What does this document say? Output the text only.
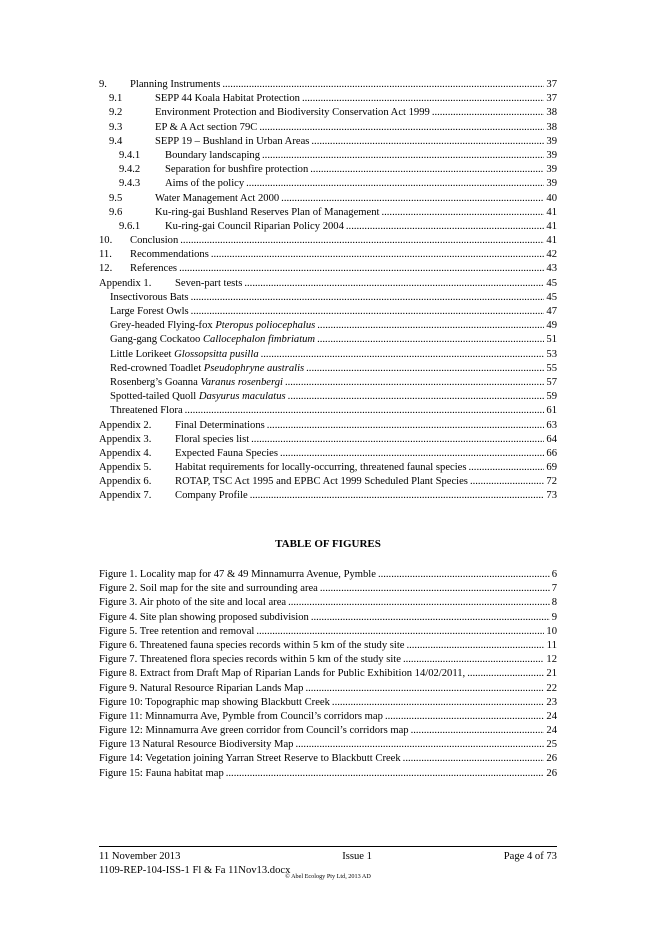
9.	Planning Instruments .....	37
9.1	SEPP 44 Koala Habitat Protection .....	37
9.2	Environment Protection and Biodiversity Conservation Act 1999 .....	38
9.3	EP & A Act section 79C .....	38
9.4	SEPP 19 – Bushland in Urban Areas .....	39
9.4.1	Boundary landscaping .....	39
9.4.2	Separation for bushfire protection .....	39
9.4.3	Aims of the policy .....	39
9.5	Water Management Act 2000 .....	40
9.6	Ku-ring-gai Bushland Reserves Plan of Management .....	41
9.6.1	Ku-ring-gai Council Riparian Policy 2004 .....	41
10.	Conclusion .....	41
11.	Recommendations .....	42
12.	References .....	43
Appendix 1.	Seven-part tests .....	45
Insectivorous Bats .....	45
Large Forest Owls .....	47
Grey-headed Flying-fox Pteropus poliocephalus .....	49
Gang-gang Cockatoo Callocephalon fimbriatum .....	51
Little Lorikeet Glossopsitta pusilla .....	53
Red-crowned Toadlet Pseudophryne australis .....	55
Rosenberg’s Goanna Varanus rosenbergi .....	57
Spotted-tailed Quoll Dasyurus maculatus .....	59
Threatened Flora .....	61
Appendix 2.	Final Determinations .....	63
Appendix 3.	Floral species list .....	64
Appendix 4.	Expected Fauna Species .....	66
Appendix 5.	Habitat requirements for locally-occurring, threatened faunal species .....	69
Appendix 6.	ROTAP, TSC Act 1995 and EPBC Act 1999 Scheduled Plant Species .....	72
Appendix 7.	Company Profile .....	73
TABLE OF FIGURES
Figure 1. Locality map for 47 & 49 Minnamurra Avenue, Pymble .....	6
Figure 2. Soil map for the site and surrounding area .....	7
Figure 3. Air photo of the site and local area .....	8
Figure 4. Site plan showing proposed subdivision .....	9
Figure 5. Tree retention and removal .....	10
Figure 6. Threatened fauna species records within 5 km of the study site .....	11
Figure 7. Threatened flora species records within 5 km of the study site .....	12
Figure 8. Extract from Draft Map of Riparian Lands for Public Exhibition 14/02/2011, .....	21
Figure 9. Natural Resource Riparian Lands Map .....	22
Figure 10: Topographic map showing Blackbutt Creek .....	23
Figure 11: Minnamurra Ave, Pymble from Council’s corridors map .....	24
Figure 12: Minnamurra Ave green corridor from Council’s corridors map .....	24
Figure 13 Natural Resource Biodiversity Map .....	25
Figure 14: Vegetation joining Yarran Street Reserve to Blackbutt Creek .....	26
Figure 15: Fauna habitat map .....	26
11 November 2013	Issue 1	Page 4 of 73
1109-REP-104-ISS-1 Fl & Fa 11Nov13.docx
© Abel Ecology Pty Ltd, 2013 AD
